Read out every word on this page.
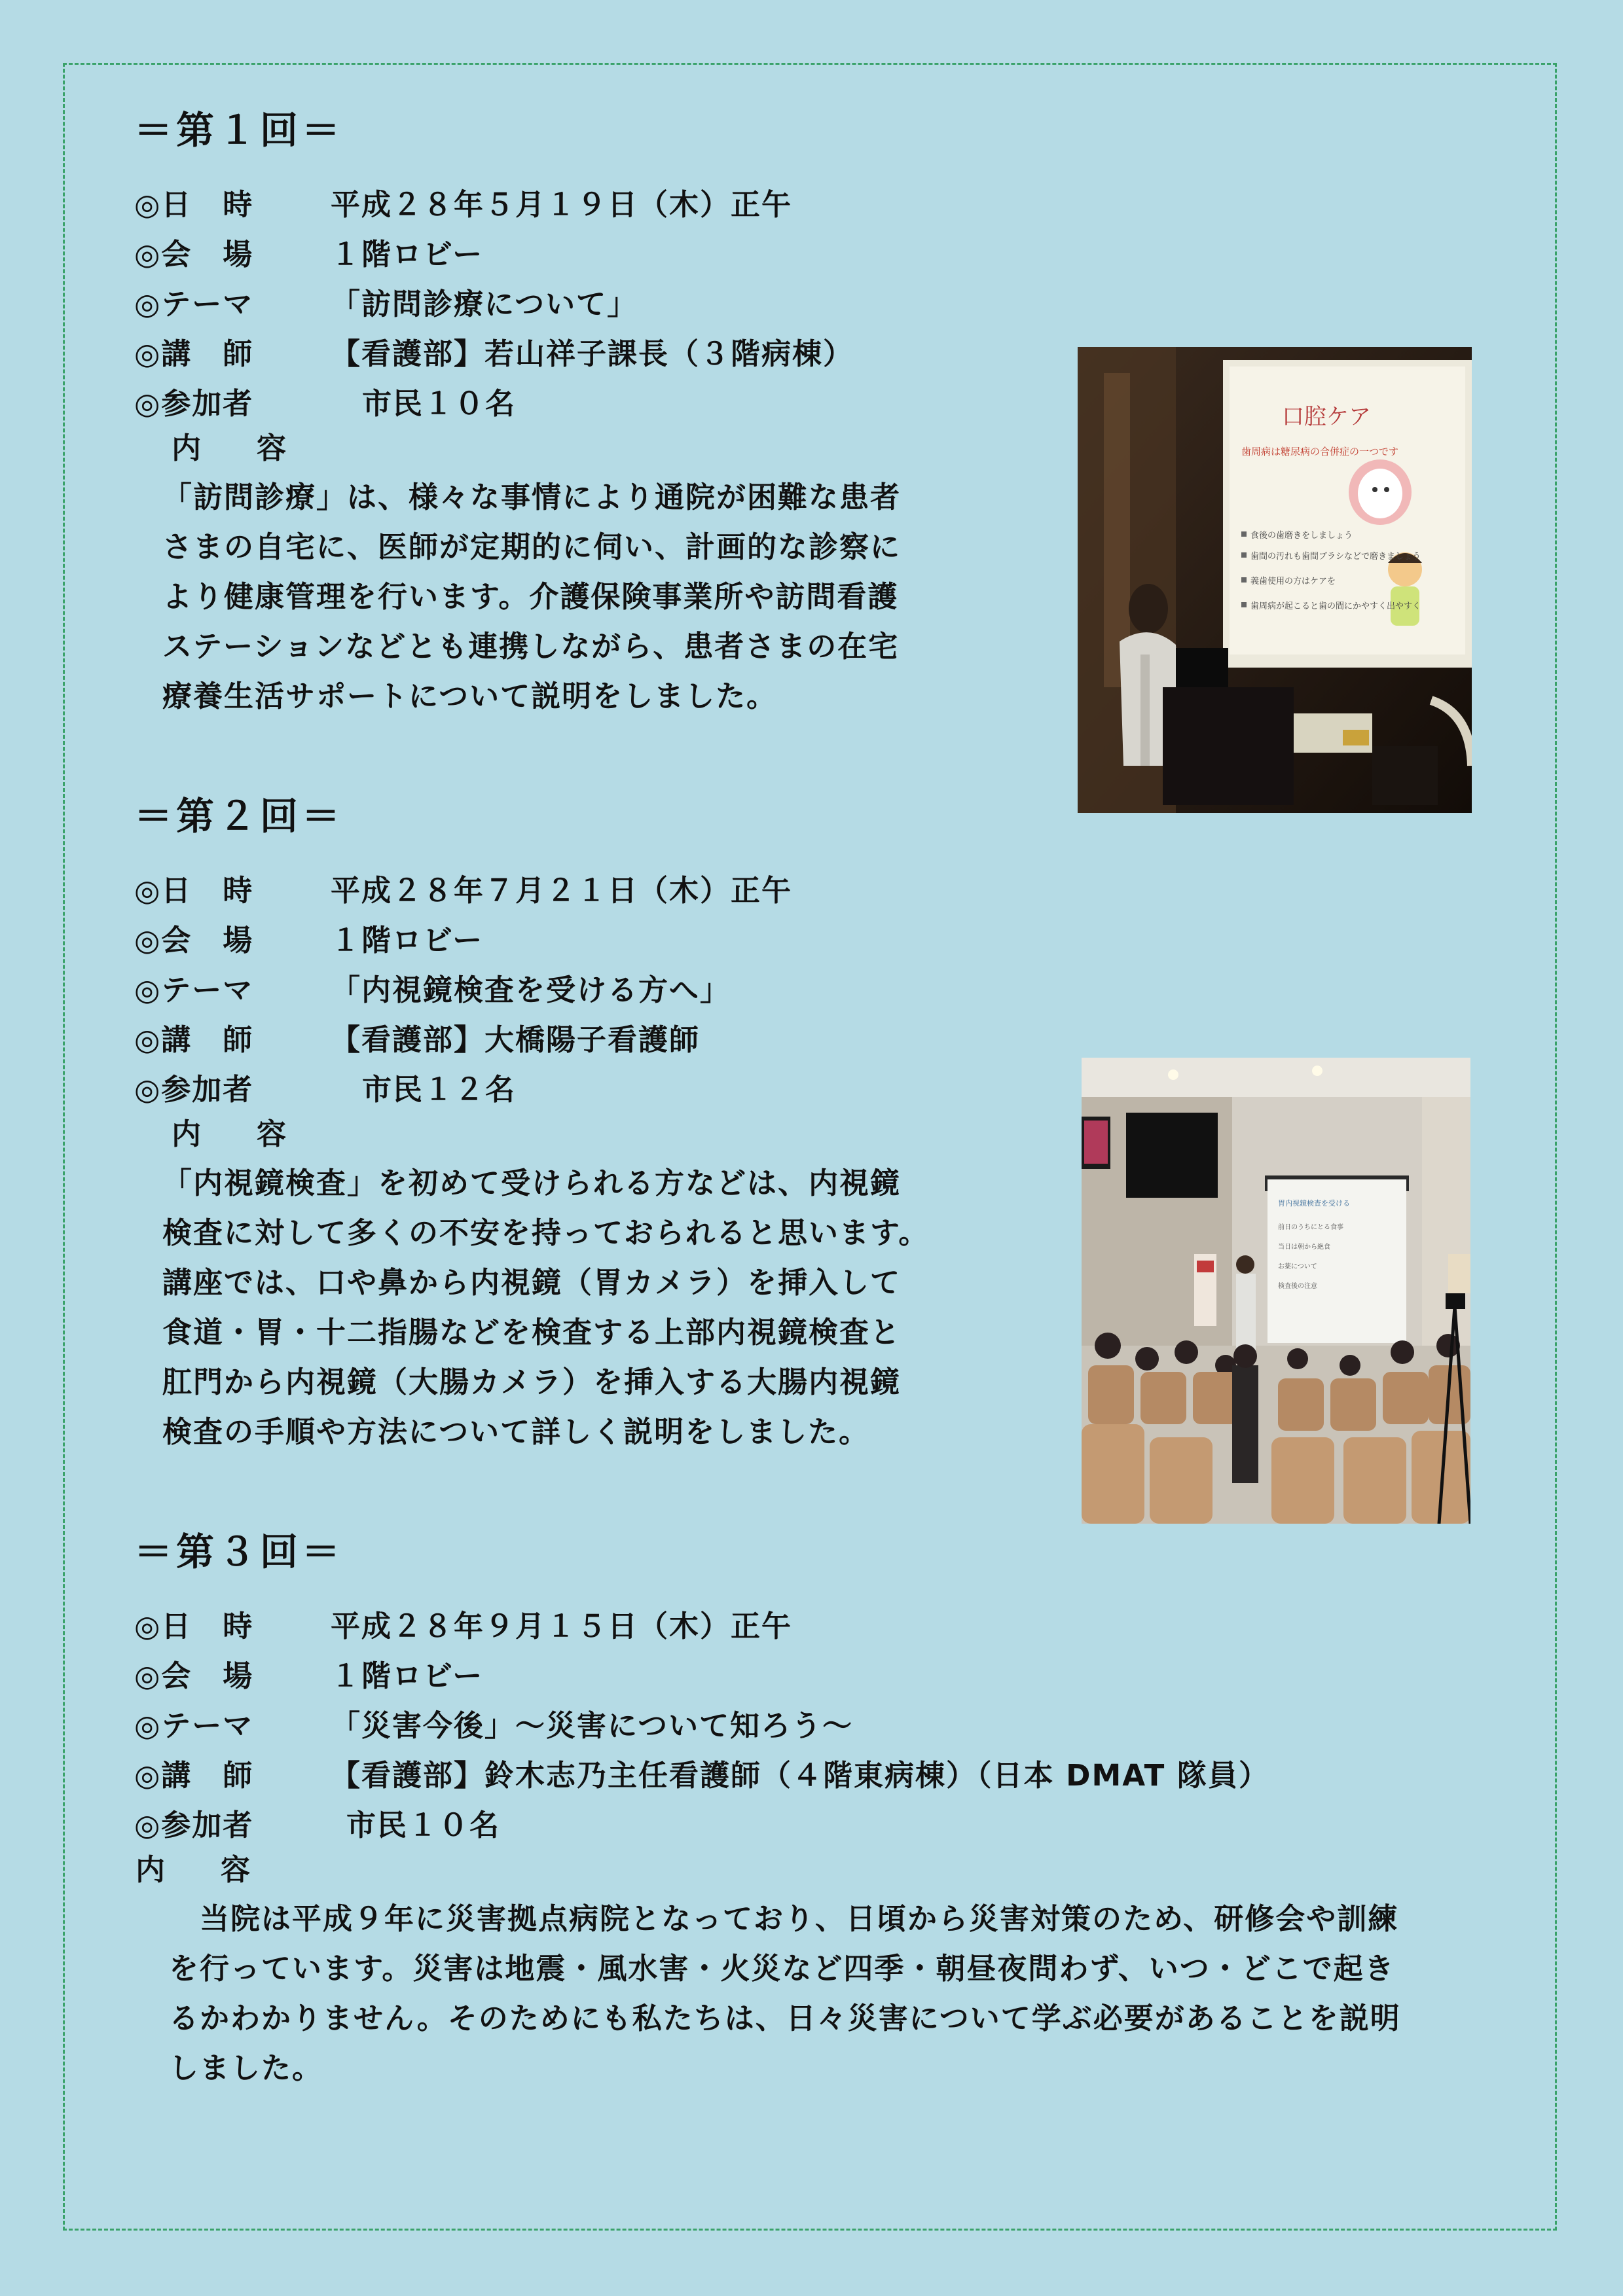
＝第１回＝
◎日　時	平成２８年５月１９日（木）正午
◎会　場	１階ロビー
◎テーマ	「訪問診療について」
◎講　師	【看護部】若山祥子課長（３階病棟）
◎参加者	市民１０名
内　容
「訪問診療」は、様々な事情により通院が困難な患者
さまの自宅に、医師が定期的に伺い、計画的な診察に
より健康管理を行います。介護保険事業所や訪問看護
ステーションなどとも連携しながら、患者さまの在宅
療養生活サポートについて説明をしました。
口腔ケア
歯周病は糖尿病の合併症の一つです
食後の歯磨きをしましょう
歯間の汚れも歯間ブラシなどで磨きましょう
義歯使用の方はケアを
歯周病が起こると歯の間にかやすく出やすく
＝第２回＝
◎日　時	平成２８年７月２１日（木）正午
◎会　場	１階ロビー
◎テーマ	「内視鏡検査を受ける方へ」
◎講　師	【看護部】大橋陽子看護師
◎参加者	市民１２名
内　容
「内視鏡検査」を初めて受けられる方などは、内視鏡
検査に対して多くの不安を持っておられると思います。
講座では、口や鼻から内視鏡（胃カメラ）を挿入して
食道・胃・十二指腸などを検査する上部内視鏡検査と
肛門から内視鏡（大腸カメラ）を挿入する大腸内視鏡
検査の手順や方法について詳しく説明をしました。
胃内視鏡検査を受ける
前日のうちにとる食事
当日は朝から絶食
お薬について
検査後の注意
＝第３回＝
◎日　時	平成２８年９月１５日（木）正午
◎会　場	１階ロビー
◎テーマ	「災害今後」～災害について知ろう～
◎講　師	【看護部】鈴木志乃主任看護師（４階東病棟）（日本 DMAT 隊員）
◎参加者	市民１０名
内　容
　当院は平成９年に災害拠点病院となっており、日頃から災害対策のため、研修会や訓練
を行っています。災害は地震・風水害・火災など四季・朝昼夜問わず、いつ・どこで起き
るかわかりません。そのためにも私たちは、日々災害について学ぶ必要があることを説明
しました。
